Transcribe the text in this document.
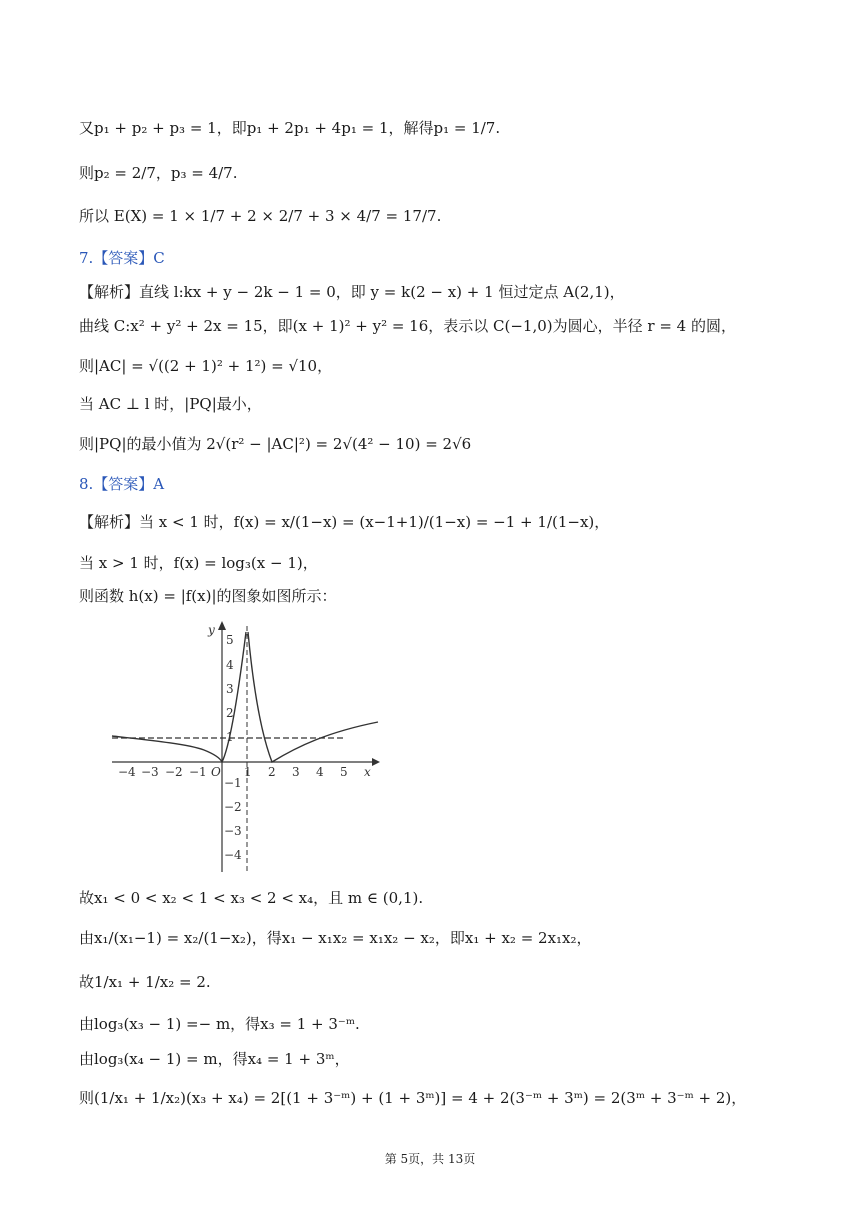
又p₁ + p₂ + p₃ = 1，即p₁ + 2p₁ + 4p₁ = 1，解得p₁ = 1/7.
则p₂ = 2/7，p₃ = 4/7.
所以 E(X) = 1 × 1/7 + 2 × 2/7 + 3 × 4/7 = 17/7.
7.【答案】C
【解析】直线 l:kx + y − 2k − 1 = 0，即 y = k(2 − x) + 1 恒过定点 A(2,1)，
曲线 C:x² + y² + 2x = 15，即(x + 1)² + y² = 16，表示以 C(−1,0)为圆心，半径 r = 4 的圆，
则|AC| = √((2 + 1)² + 1²) = √10，
当 AC ⊥ l 时，|PQ|最小，
则|PQ|的最小值为 2√(r² − |AC|²) = 2√(4² − 10) = 2√6
8.【答案】A
【解析】当 x < 1 时，f(x) = x/(1−x) = (x−1+1)/(1−x) = −1 + 1/(1−x)，
当 x > 1 时，f(x) = log₃(x − 1)，
则函数 h(x) = |f(x)|的图象如图所示：
y
x
O
−4 −3 −2 −1	1 2 3 4 5
5
4
3
2
1
−1
−2
−3
−4
故x₁ < 0 < x₂ < 1 < x₃ < 2 < x₄，且 m ∈ (0,1).
由x₁/(x₁−1) = x₂/(1−x₂)，得x₁ − x₁x₂ = x₁x₂ − x₂，即x₁ + x₂ = 2x₁x₂，
故1/x₁ + 1/x₂ = 2.
由log₃(x₃ − 1) =− m，得x₃ = 1 + 3⁻ᵐ.
由log₃(x₄ − 1) = m，得x₄ = 1 + 3ᵐ，
则(1/x₁ + 1/x₂)(x₃ + x₄) = 2[(1 + 3⁻ᵐ) + (1 + 3ᵐ)] = 4 + 2(3⁻ᵐ + 3ᵐ) = 2(3ᵐ + 3⁻ᵐ + 2)，
第 5页，共 13页
